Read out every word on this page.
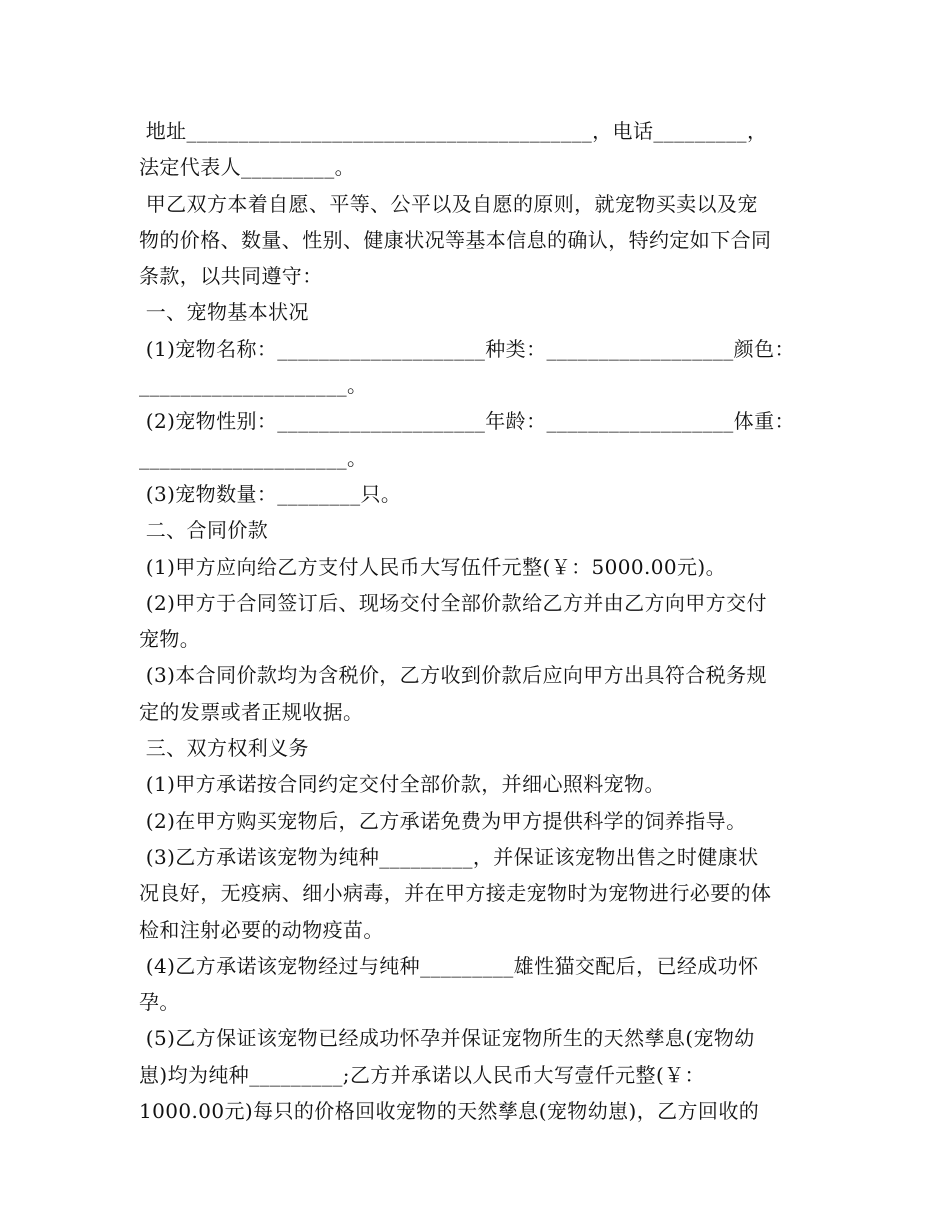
地址_______________________________________，电话_________，
法定代表人_________。
甲乙双方本着自愿、平等、公平以及自愿的原则，就宠物买卖以及宠
物的价格、数量、性别、健康状况等基本信息的确认，特约定如下合同
条款，以共同遵守：
一、宠物基本状况
(1)宠物名称：____________________种类：__________________颜色：
____________________。
(2)宠物性别：____________________年龄：__________________体重：
____________________。
(3)宠物数量：________只。
二、合同价款
(1)甲方应向给乙方支付人民币大写伍仟元整(￥：5000.00元)。
(2)甲方于合同签订后、现场交付全部价款给乙方并由乙方向甲方交付
宠物。
(3)本合同价款均为含税价，乙方收到价款后应向甲方出具符合税务规
定的发票或者正规收据。
三、双方权利义务
(1)甲方承诺按合同约定交付全部价款，并细心照料宠物。
(2)在甲方购买宠物后，乙方承诺免费为甲方提供科学的饲养指导。
(3)乙方承诺该宠物为纯种_________，并保证该宠物出售之时健康状
况良好，无疫病、细小病毒，并在甲方接走宠物时为宠物进行必要的体
检和注射必要的动物疫苗。
(4)乙方承诺该宠物经过与纯种_________雄性猫交配后，已经成功怀
孕。
(5)乙方保证该宠物已经成功怀孕并保证宠物所生的天然孳息(宠物幼
崽)均为纯种_________;乙方并承诺以人民币大写壹仟元整(￥：
1000.00元)每只的价格回收宠物的天然孳息(宠物幼崽)，乙方回收的
